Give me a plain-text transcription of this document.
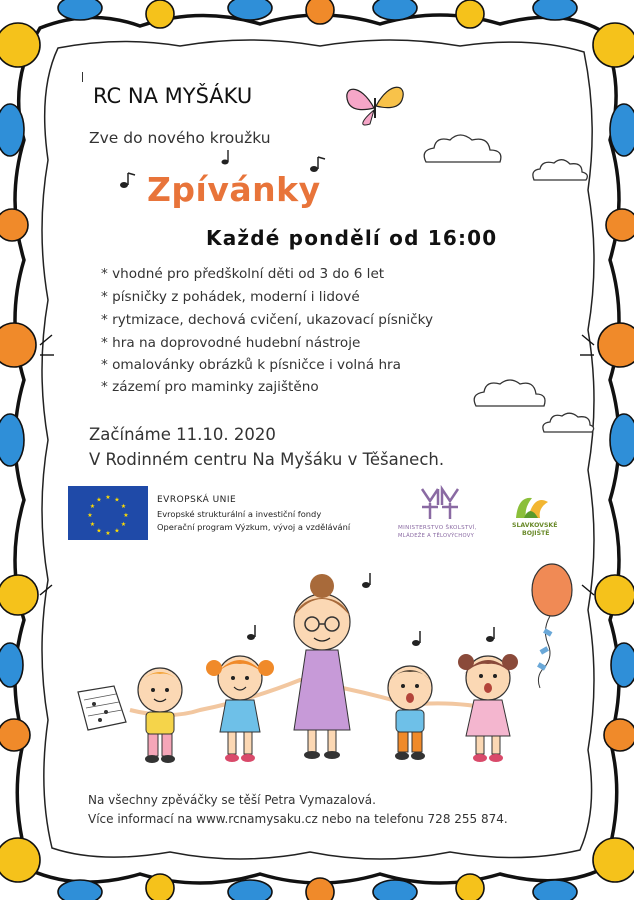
RC NA MYŠÁKU
Zve do nového kroužku
Zpívánky
Každé pondělí od 16:00
* vhodné pro předškolní děti od 3 do 6 let
* písničky z pohádek, moderní i lidové
* rytmizace, dechová cvičení, ukazovací písničky
* hra na doprovodné hudební nástroje
* omalovánky obrázků k písničce i volná hra
* zázemí pro maminky zajištěno
Začínáme 11.10. 2020
V Rodinném centru Na Myšáku v Těšanech.
★ ★
★
★
★
★
★
★
★
★
★
★	EVROPSKÁ UNIE
Evropské strukturální a investiční fondy
Operační program Výzkum, vývoj a vzdělávání	MINISTERSTVO ŠKOLSTVÍ,
MLÁDEŽE A TĚLOVÝCHOVY
SLAVKOVSKÉ
BOJIŠTĚ
Na všechny zpěváčky se těší Petra Vymazalová.
Více informací na www.rcnamysaku.cz nebo na telefonu 728 255 874.
